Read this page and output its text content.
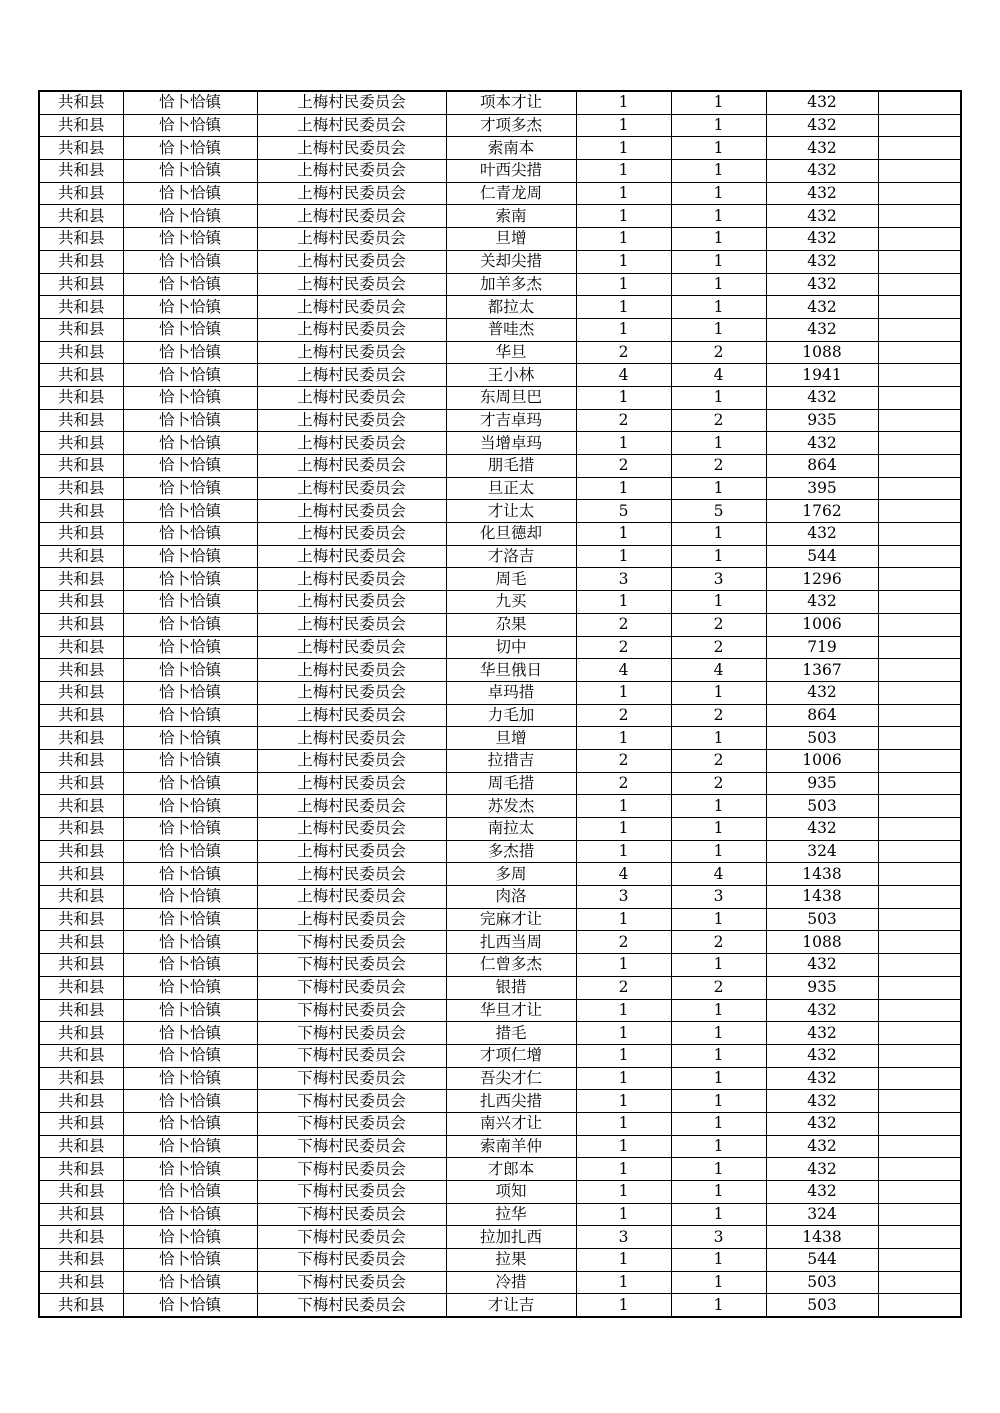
共和县	恰卜恰镇	上梅村民委员会	项本才让	1	1	432	
共和县	恰卜恰镇	上梅村民委员会	才项多杰	1	1	432	
共和县	恰卜恰镇	上梅村民委员会	索南本	1	1	432	
共和县	恰卜恰镇	上梅村民委员会	叶西尖措	1	1	432	
共和县	恰卜恰镇	上梅村民委员会	仁青龙周	1	1	432	
共和县	恰卜恰镇	上梅村民委员会	索南	1	1	432	
共和县	恰卜恰镇	上梅村民委员会	旦增	1	1	432	
共和县	恰卜恰镇	上梅村民委员会	关却尖措	1	1	432	
共和县	恰卜恰镇	上梅村民委员会	加羊多杰	1	1	432	
共和县	恰卜恰镇	上梅村民委员会	都拉太	1	1	432	
共和县	恰卜恰镇	上梅村民委员会	普哇杰	1	1	432	
共和县	恰卜恰镇	上梅村民委员会	华旦	2	2	1088	
共和县	恰卜恰镇	上梅村民委员会	王小林	4	4	1941	
共和县	恰卜恰镇	上梅村民委员会	东周旦巴	1	1	432	
共和县	恰卜恰镇	上梅村民委员会	才吉卓玛	2	2	935	
共和县	恰卜恰镇	上梅村民委员会	当增卓玛	1	1	432	
共和县	恰卜恰镇	上梅村民委员会	朋毛措	2	2	864	
共和县	恰卜恰镇	上梅村民委员会	旦正太	1	1	395	
共和县	恰卜恰镇	上梅村民委员会	才让太	5	5	1762	
共和县	恰卜恰镇	上梅村民委员会	化旦德却	1	1	432	
共和县	恰卜恰镇	上梅村民委员会	才洛吉	1	1	544	
共和县	恰卜恰镇	上梅村民委员会	周毛	3	3	1296	
共和县	恰卜恰镇	上梅村民委员会	九买	1	1	432	
共和县	恰卜恰镇	上梅村民委员会	尕果	2	2	1006	
共和县	恰卜恰镇	上梅村民委员会	切中	2	2	719	
共和县	恰卜恰镇	上梅村民委员会	华旦俄日	4	4	1367	
共和县	恰卜恰镇	上梅村民委员会	卓玛措	1	1	432	
共和县	恰卜恰镇	上梅村民委员会	力毛加	2	2	864	
共和县	恰卜恰镇	上梅村民委员会	旦增	1	1	503	
共和县	恰卜恰镇	上梅村民委员会	拉措吉	2	2	1006	
共和县	恰卜恰镇	上梅村民委员会	周毛措	2	2	935	
共和县	恰卜恰镇	上梅村民委员会	苏发杰	1	1	503	
共和县	恰卜恰镇	上梅村民委员会	南拉太	1	1	432	
共和县	恰卜恰镇	上梅村民委员会	多杰措	1	1	324	
共和县	恰卜恰镇	上梅村民委员会	多周	4	4	1438	
共和县	恰卜恰镇	上梅村民委员会	肉洛	3	3	1438	
共和县	恰卜恰镇	上梅村民委员会	完麻才让	1	1	503	
共和县	恰卜恰镇	下梅村民委员会	扎西当周	2	2	1088	
共和县	恰卜恰镇	下梅村民委员会	仁曾多杰	1	1	432	
共和县	恰卜恰镇	下梅村民委员会	银措	2	2	935	
共和县	恰卜恰镇	下梅村民委员会	华旦才让	1	1	432	
共和县	恰卜恰镇	下梅村民委员会	措毛	1	1	432	
共和县	恰卜恰镇	下梅村民委员会	才项仁增	1	1	432	
共和县	恰卜恰镇	下梅村民委员会	吾尖才仁	1	1	432	
共和县	恰卜恰镇	下梅村民委员会	扎西尖措	1	1	432	
共和县	恰卜恰镇	下梅村民委员会	南兴才让	1	1	432	
共和县	恰卜恰镇	下梅村民委员会	索南羊仲	1	1	432	
共和县	恰卜恰镇	下梅村民委员会	才郎本	1	1	432	
共和县	恰卜恰镇	下梅村民委员会	项知	1	1	432	
共和县	恰卜恰镇	下梅村民委员会	拉华	1	1	324	
共和县	恰卜恰镇	下梅村民委员会	拉加扎西	3	3	1438	
共和县	恰卜恰镇	下梅村民委员会	拉果	1	1	544	
共和县	恰卜恰镇	下梅村民委员会	冷措	1	1	503	
共和县	恰卜恰镇	下梅村民委员会	才让吉	1	1	503	
